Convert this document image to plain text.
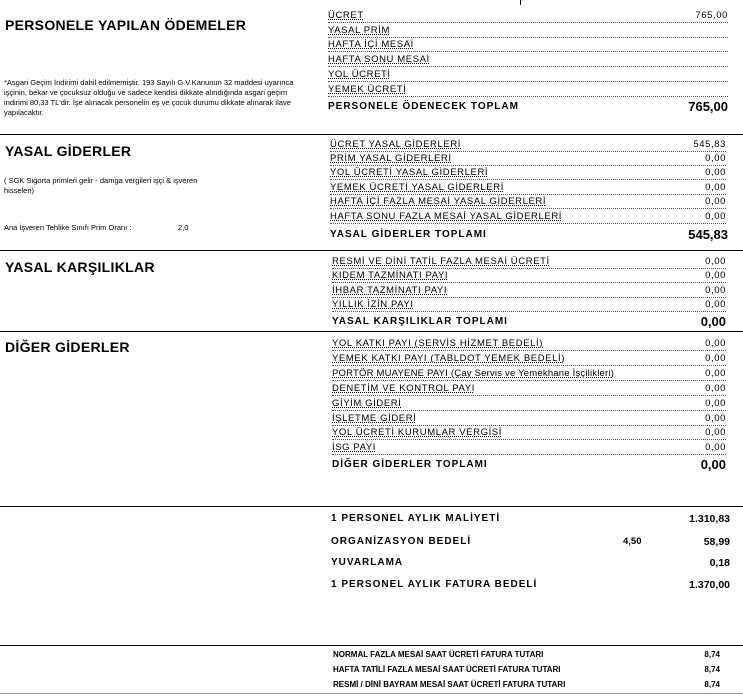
PERSONELE YAPILAN ÖDEMELER
*Asgari Geçim İndirimi dahil edilmemiştir. 193 Sayılı G.V.Kanunun 32 maddesi uyarınca işçinin, bekar ve çocuksuz olduğu ve sadece kendisi dikkate alındığında asgari geçim indirimi 80,33 TL'dir. İşe alınacak personelin eş ve çocuk durumu dikkate alınarak ilave yapılacaktır.
ÜCRET	765,00
YASAL PRİM
HAFTA İÇİ MESAİ
HAFTA SONU MESAİ
YOL ÜCRETİ
YEMEK ÜCRETİ
PERSONELE ÖDENECEK TOPLAM	765,00
YASAL GİDERLER
( SGK Sigorta primleri gelir - damga vergileri işçi & işveren hisseleri)
Ana İşveren Tehlike Sınıfı Prim Oranı :	2,0
ÜCRET YASAL GİDERLERİ	545,83
PRİM YASAL GİDERLERİ	0,00
YOL ÜCRETİ YASAL GİDERLERİ	0,00
YEMEK ÜCRETİ YASAL GİDERLERİ	0,00
HAFTA İÇİ FAZLA MESAİ YASAL GİDERLERİ	0,00
HAFTA SONU FAZLA MESAİ YASAL GİDERLERİ	0,00
YASAL GİDERLER TOPLAMI	545,83
YASAL KARŞILIKLAR	RESMİ VE DİNİ TATİL FAZLA MESAİ ÜCRETİ	0,00
KIDEM TAZMİNATI PAYI	0,00
İHBAR TAZMİNATI PAYI	0,00
YILLIK İZİN PAYI	0,00
YASAL KARŞILIKLAR TOPLAMI	0,00
DİĞER GİDERLER	YOL KATKI PAYI (SERVİS HİZMET BEDELİ)	0,00
YEMEK KATKI PAYI (TABLDOT YEMEK BEDELİ)	0,00
PORTÖR MUAYENE PAYI (Çay Servis ve Yemekhane İşçilikleri)	0,00
DENETİM VE KONTROL PAYI	0,00
GİYİM GİDERİ	0,00
İŞLETME GİDERİ	0,00
YOL ÜCRETİ KURUMLAR VERGİSİ	0,00
İSG PAYI	0,00
DİĞER GİDERLER TOPLAMI	0,00
1 PERSONEL AYLIK MALİYETİ	1.310,83
ORGANİZASYON BEDELİ	4,50	58,99
YUVARLAMA	0,18
1 PERSONEL AYLIK FATURA BEDELİ	1.370,00
NORMAL FAZLA MESAİ SAAT ÜCRETİ FATURA TUTARI	8,74
HAFTA TATİLİ FAZLA MESAİ SAAT ÜCRETİ FATURA TUTARI	8,74
RESMİ / DİNİ BAYRAM MESAİ SAAT ÜCRETİ FATURA TUTARI	8,74
